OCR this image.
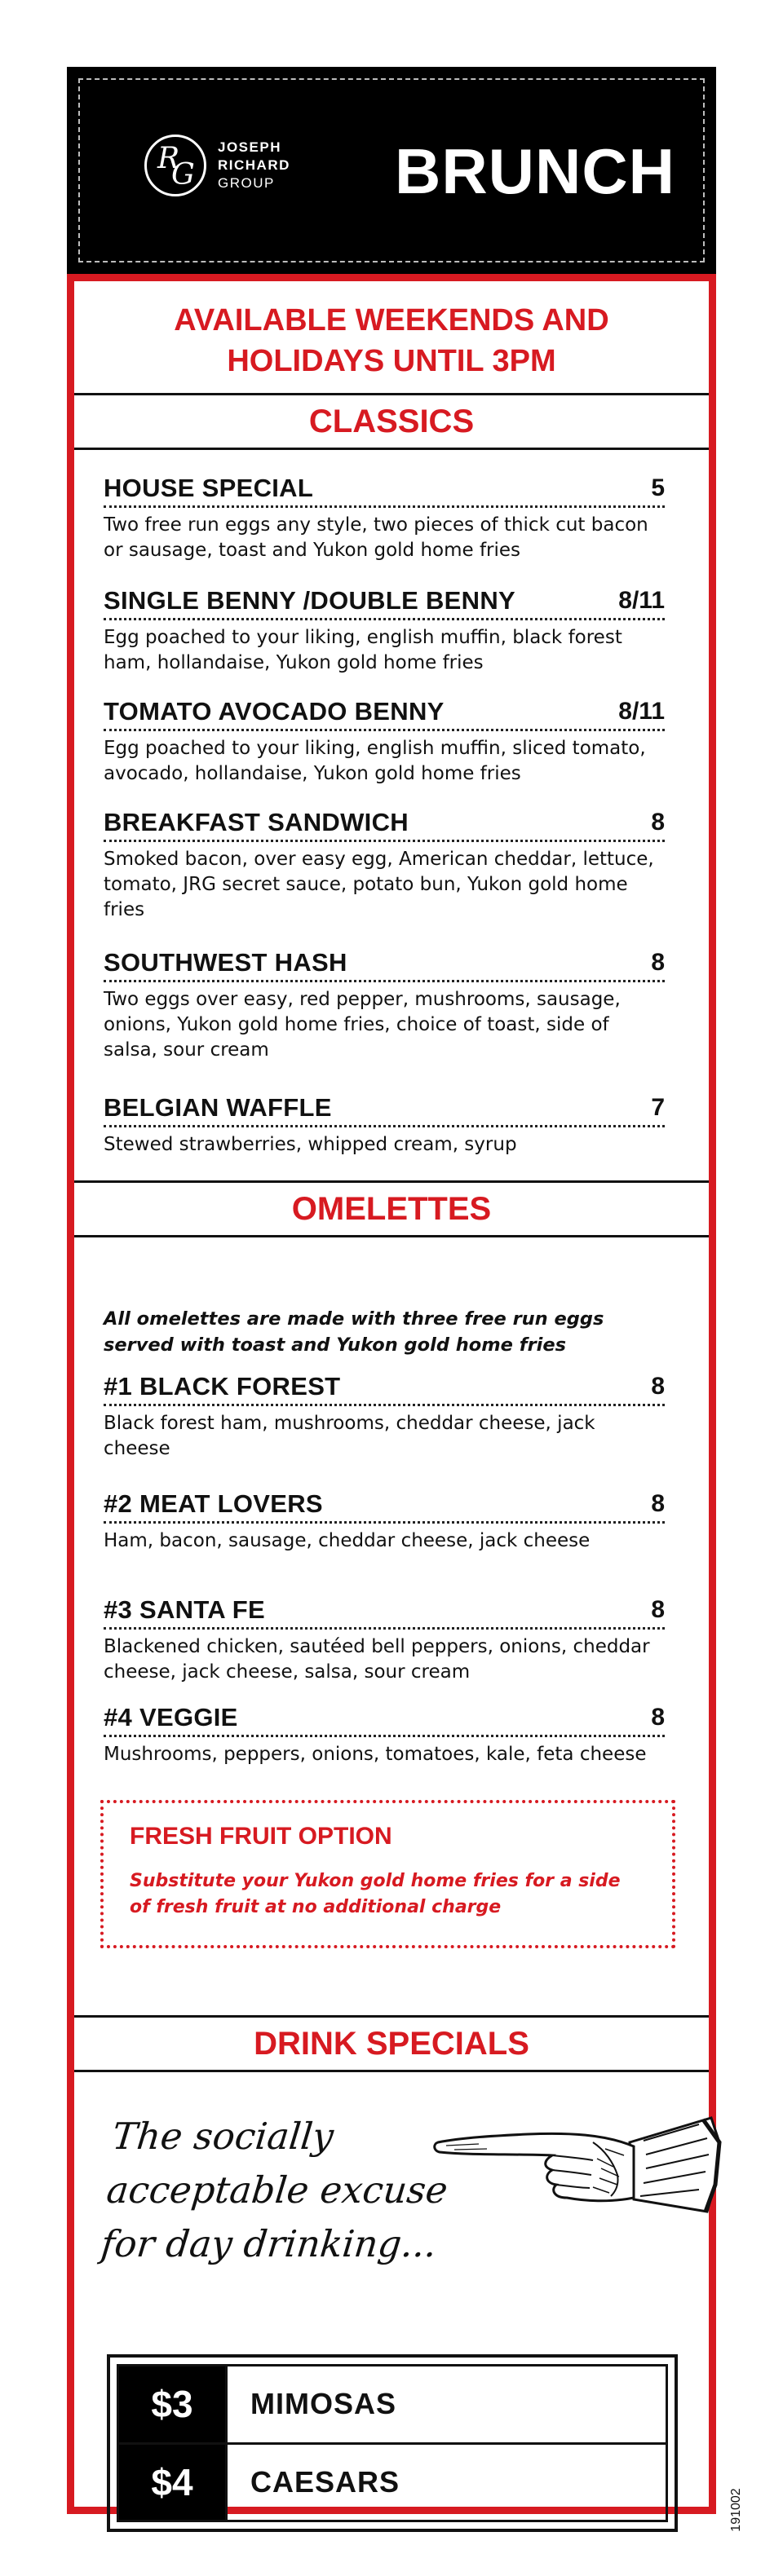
R
G
JOSEPH
RICHARD
GROUP BRUNCH
AVAILABLE WEEKENDS AND
HOLIDAYS UNTIL 3PM
CLASSICS
HOUSE SPECIAL	5
Two free run eggs any style, two pieces of thick cut bacon or sausage, toast and Yukon gold home fries
SINGLE BENNY /DOUBLE BENNY	8/11
Egg poached to your liking, english muffin, black forest ham, hollandaise, Yukon gold home fries
TOMATO AVOCADO BENNY	8/11
Egg poached to your liking, english muffin, sliced tomato, avocado, hollandaise, Yukon gold home fries
BREAKFAST SANDWICH	8
Smoked bacon, over easy egg, American cheddar, lettuce, tomato, JRG secret sauce, potato bun, Yukon gold home fries
SOUTHWEST HASH	8
Two eggs over easy, red pepper, mushrooms, sausage, onions, Yukon gold home fries, choice of toast, side of salsa, sour cream
BELGIAN WAFFLE	7
Stewed strawberries, whipped cream, syrup
OMELETTES
All omelettes are made with three free run eggs served with toast and Yukon gold home fries
#1 BLACK FOREST	8
Black forest ham, mushrooms, cheddar cheese, jack cheese
#2 MEAT LOVERS	8
Ham, bacon, sausage, cheddar cheese, jack cheese
#3 SANTA FE	8
Blackened chicken, sautéed bell peppers, onions, cheddar cheese, jack cheese, salsa, sour cream
#4 VEGGIE	8
Mushrooms, peppers, onions, tomatoes, kale, feta cheese
FRESH FRUIT OPTION
Substitute your Yukon gold home fries for a side of fresh fruit at no additional charge
DRINK SPECIALS
The socially
acceptable excuse
for day drinking...
$3	MIMOSAS
$4	CAESARS
191002
